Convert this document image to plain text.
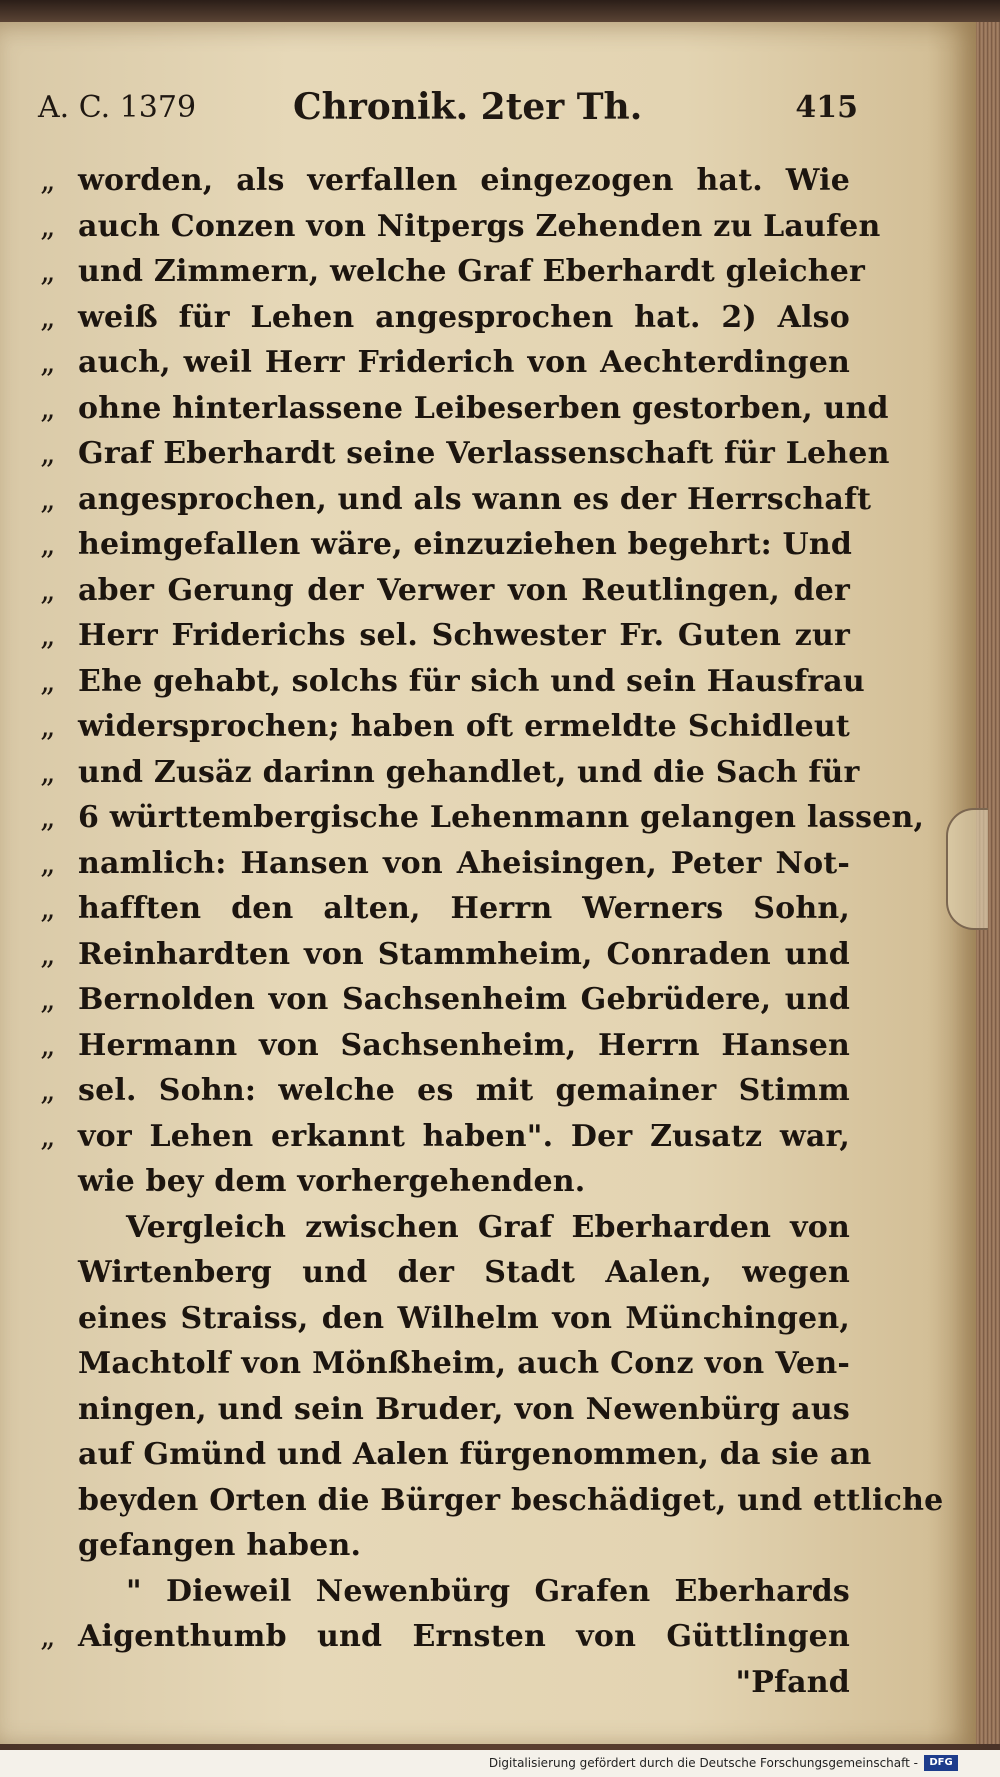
A. C. 1379	Chronik. 2ter Th.	415
„ worden, als verfallen eingezogen hat. Wie
„ auch Conzen von Nitpergs Zehenden zu Laufen
„ und Zimmern, welche Graf Eberhardt gleicher
„ weiß für Lehen angesprochen hat. 2) Also
„ auch, weil Herr Friderich von Aechterdingen
„ ohne hinterlassene Leibeserben gestorben, und
„ Graf Eberhardt seine Verlassenschaft für Lehen
„ angesprochen, und als wann es der Herrschaft
„ heimgefallen wäre, einzuziehen begehrt: Und
„ aber Gerung der Verwer von Reutlingen, der
„ Herr Friderichs sel. Schwester Fr. Guten zur
„ Ehe gehabt, solchs für sich und sein Hausfrau
„ widersprochen; haben oft ermeldte Schidleut
„ und Zusäz darinn gehandlet, und die Sach für
„ 6 württembergische Lehenmann gelangen lassen,
„ namlich: Hansen von Aheisingen, Peter Not-
„ hafften den alten, Herrn Werners Sohn,
„ Reinhardten von Stammheim, Conraden und
„ Bernolden von Sachsenheim Gebrüdere, und
„ Hermann von Sachsenheim, Herrn Hansen
„ sel. Sohn: welche es mit gemainer Stimm
„ vor Lehen erkannt haben". Der Zusatz war,
wie bey dem vorhergehenden.
Vergleich zwischen Graf Eberharden von
Wirtenberg und der Stadt Aalen, wegen
eines Straiss, den Wilhelm von Münchingen,
Machtolf von Mönßheim, auch Conz von Ven-
ningen, und sein Bruder, von Newenbürg aus
auf Gmünd und Aalen fürgenommen, da sie an
beyden Orten die Bürger beschädiget, und ettliche
gefangen haben.
" Dieweil Newenbürg Grafen Eberhards
„ Aigenthumb und Ernsten von Güttlingen
"Pfand
Digitalisierung gefördert durch die Deutsche Forschungsgemeinschaft -	DFG
